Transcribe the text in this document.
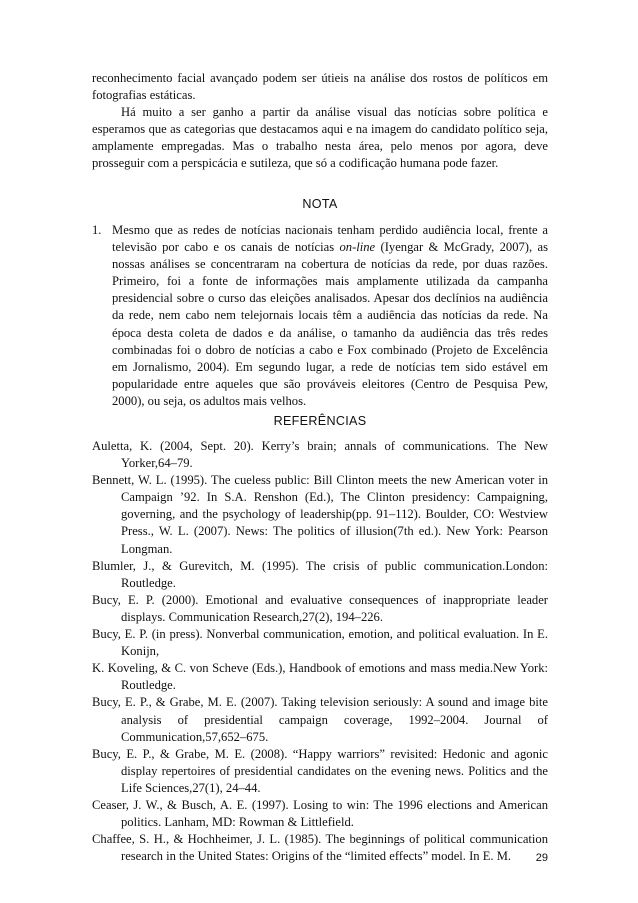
reconhecimento facial avançado podem ser útieis na análise dos rostos de políticos em fotografias estáticas.

Há muito a ser ganho a partir da análise visual das notícias sobre política e esperamos que as categorias que destacamos aqui e na imagem do candidato político seja, amplamente empregadas. Mas o trabalho nesta área, pelo menos por agora, deve prosseguir com a perspicácia e sutileza, que só a codificação humana pode fazer.

NOTA
1. Mesmo que as redes de notícias nacionais tenham perdido audiência local, frente a televisão por cabo e os canais de notícias on-line (Iyengar & McGrady, 2007), as nossas análises se concentraram na cobertura de notícias da rede, por duas razões. Primeiro, foi a fonte de informações mais amplamente utilizada da campanha presidencial sobre o curso das eleições analisados. Apesar dos declínios na audiência da rede, nem cabo nem telejornais locais têm a audiência das notícias da rede. Na época desta coleta de dados e da análise, o tamanho da audiência das três redes combinadas foi o dobro de notícias a cabo e Fox combinado (Projeto de Excelência em Jornalismo, 2004). Em segundo lugar, a rede de notícias tem sido estável em popularidade entre aqueles que são prováveis eleitores (Centro de Pesquisa Pew, 2000), ou seja, os adultos mais velhos.
REFERÊNCIAS

Auletta, K. (2004, Sept. 20). Kerry’s brain; annals of communications. The New Yorker,64–79.

Bennett, W. L. (1995). The cueless public: Bill Clinton meets the new American voter in Campaign ’92. In S.A. Renshon (Ed.), The Clinton presidency: Campaigning, governing, and the psychology of leadership(pp. 91–112). Boulder, CO: Westview Press., W. L. (2007). News: The politics of illusion(7th ed.). New York: Pearson Longman.

Blumler, J., & Gurevitch, M. (1995). The crisis of public communication.London: Routledge.

Bucy, E. P. (2000). Emotional and evaluative consequences of inappropriate leader displays. Communication Research,27(2), 194–226.

Bucy, E. P. (in press). Nonverbal communication, emotion, and political evaluation. In E. Konijn,

K. Koveling, & C. von Scheve (Eds.), Handbook of emotions and mass media.New York: Routledge.

Bucy, E. P., & Grabe, M. E. (2007). Taking television seriously: A sound and image bite analysis of presidential campaign coverage, 1992–2004. Journal of Communication,57,652–675.

Bucy, E. P., & Grabe, M. E. (2008). “Happy warriors” revisited: Hedonic and agonic display repertoires of presidential candidates on the evening news. Politics and the Life Sciences,27(1), 24–44.

Ceaser, J. W., & Busch, A. E. (1997). Losing to win: The 1996 elections and American politics. Lanham, MD: Rowman & Littlefield.

Chaffee, S. H., & Hochheimer, J. L. (1985). The beginnings of political communication research in the United States: Origins of the “limited effects” model. In E. M.	29
